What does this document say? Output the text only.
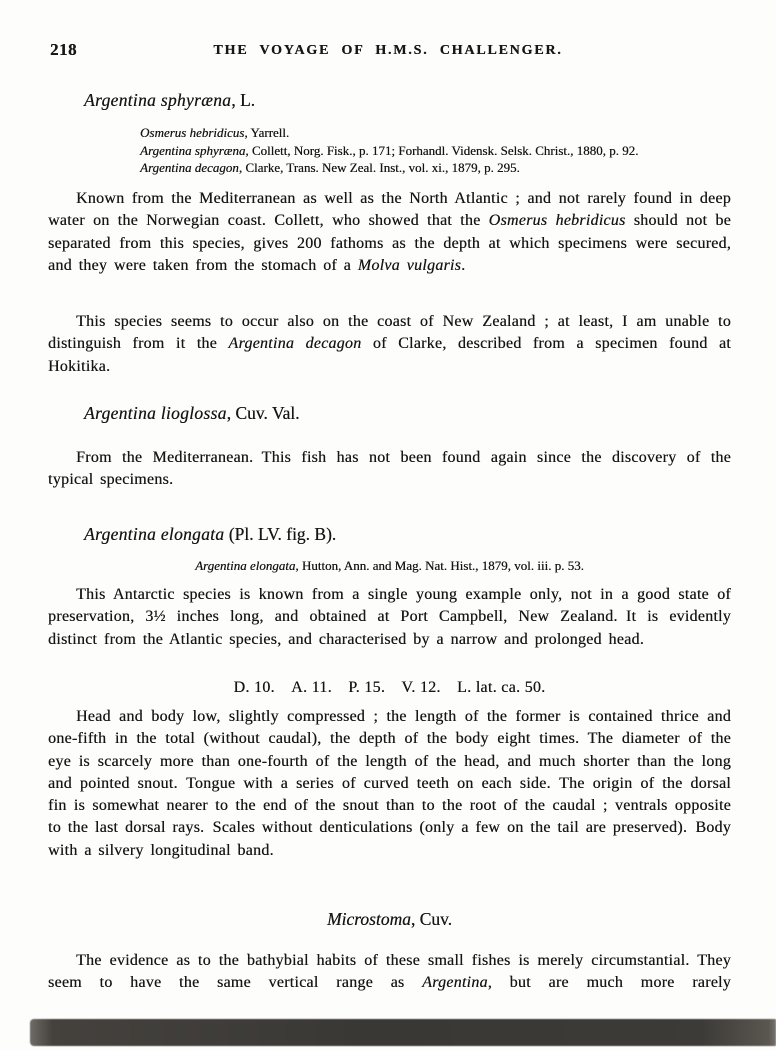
218	THE VOYAGE OF H.M.S. CHALLENGER.
Argentina sphyræna, L.
Osmerus hebridicus, Yarrell.
Argentina sphyræna, Collett, Norg. Fisk., p. 171; Forhandl. Vidensk. Selsk. Christ., 1880, p. 92.
Argentina decagon, Clarke, Trans. New Zeal. Inst., vol. xi., 1879, p. 295.

Known from the Mediterranean as well as the North Atlantic ; and not rarely found in deep water on the Norwegian coast. Collett, who showed that the Osmerus hebridicus should not be separated from this species, gives 200 fathoms as the depth at which specimens were secured, and they were taken from the stomach of a Molva vulgaris.

This species seems to occur also on the coast of New Zealand ; at least, I am unable to distinguish from it the Argentina decagon of Clarke, described from a specimen found at Hokitika.

Argentina lioglossa, Cuv. Val.

From the Mediterranean. This fish has not been found again since the discovery of the typical specimens.

Argentina elongata (Pl. LV. fig. B).
Argentina elongata, Hutton, Ann. and Mag. Nat. Hist., 1879, vol. iii. p. 53.

This Antarctic species is known from a single young example only, not in a good state of preservation, 3½ inches long, and obtained at Port Campbell, New Zealand. It is evidently distinct from the Atlantic species, and characterised by a narrow and prolonged head.

D. 10. A. 11. P. 15. V. 12. L. lat. ca. 50.

Head and body low, slightly compressed ; the length of the former is contained thrice and one-fifth in the total (without caudal), the depth of the body eight times. The diameter of the eye is scarcely more than one-fourth of the length of the head, and much shorter than the long and pointed snout. Tongue with a series of curved teeth on each side. The origin of the dorsal fin is somewhat nearer to the end of the snout than to the root of the caudal ; ventrals opposite to the last dorsal rays. Scales without denticulations (only a few on the tail are preserved). Body with a silvery longitudinal band.

Microstoma, Cuv.

The evidence as to the bathybial habits of these small fishes is merely circumstantial. They seem to have the same vertical range as Argentina, but are much more rarely
